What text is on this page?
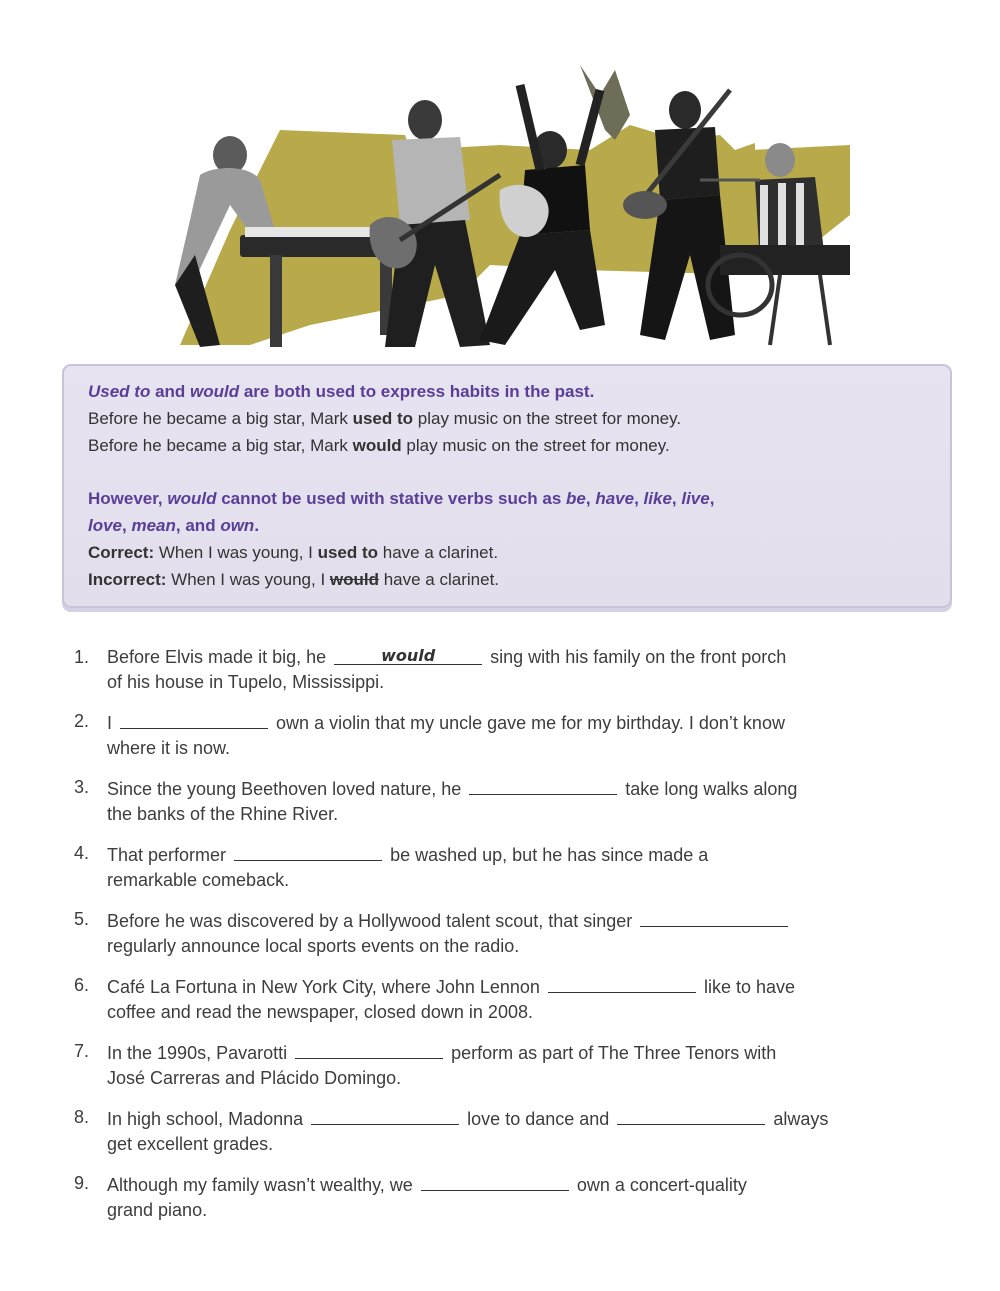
Used to and would are both used to express habits in the past.

Before he became a big star, Mark used to play music on the street for money.

Before he became a big star, Mark would play music on the street for money.

However, would cannot be used with stative verbs such as be, have, like, live,

love, mean, and own.

Correct: When I was young, I used to have a clarinet.

Incorrect: When I was young, I would have a clarinet.

1. Before Elvis made it big, he	would	sing with his family on the front porch
of his house in Tupelo, Mississippi.
2. I	own a violin that my uncle gave me for my birthday. I don’t know
where it is now.
3. Since the young Beethoven loved nature, he	take long walks along
the banks of the Rhine River.
4. That performer	be washed up, but he has since made a
remarkable comeback.
5. Before he was discovered by a Hollywood talent scout, that singer
regularly announce local sports events on the radio.
6. Café La Fortuna in New York City, where John Lennon	like to have
coffee and read the newspaper, closed down in 2008.
7. In the 1990s, Pavarotti	perform as part of The Three Tenors with
José Carreras and Plácido Domingo.
8. In high school, Madonna	love to dance and	always
get excellent grades.
9. Although my family wasn’t wealthy, we	own a concert-quality
grand piano.
